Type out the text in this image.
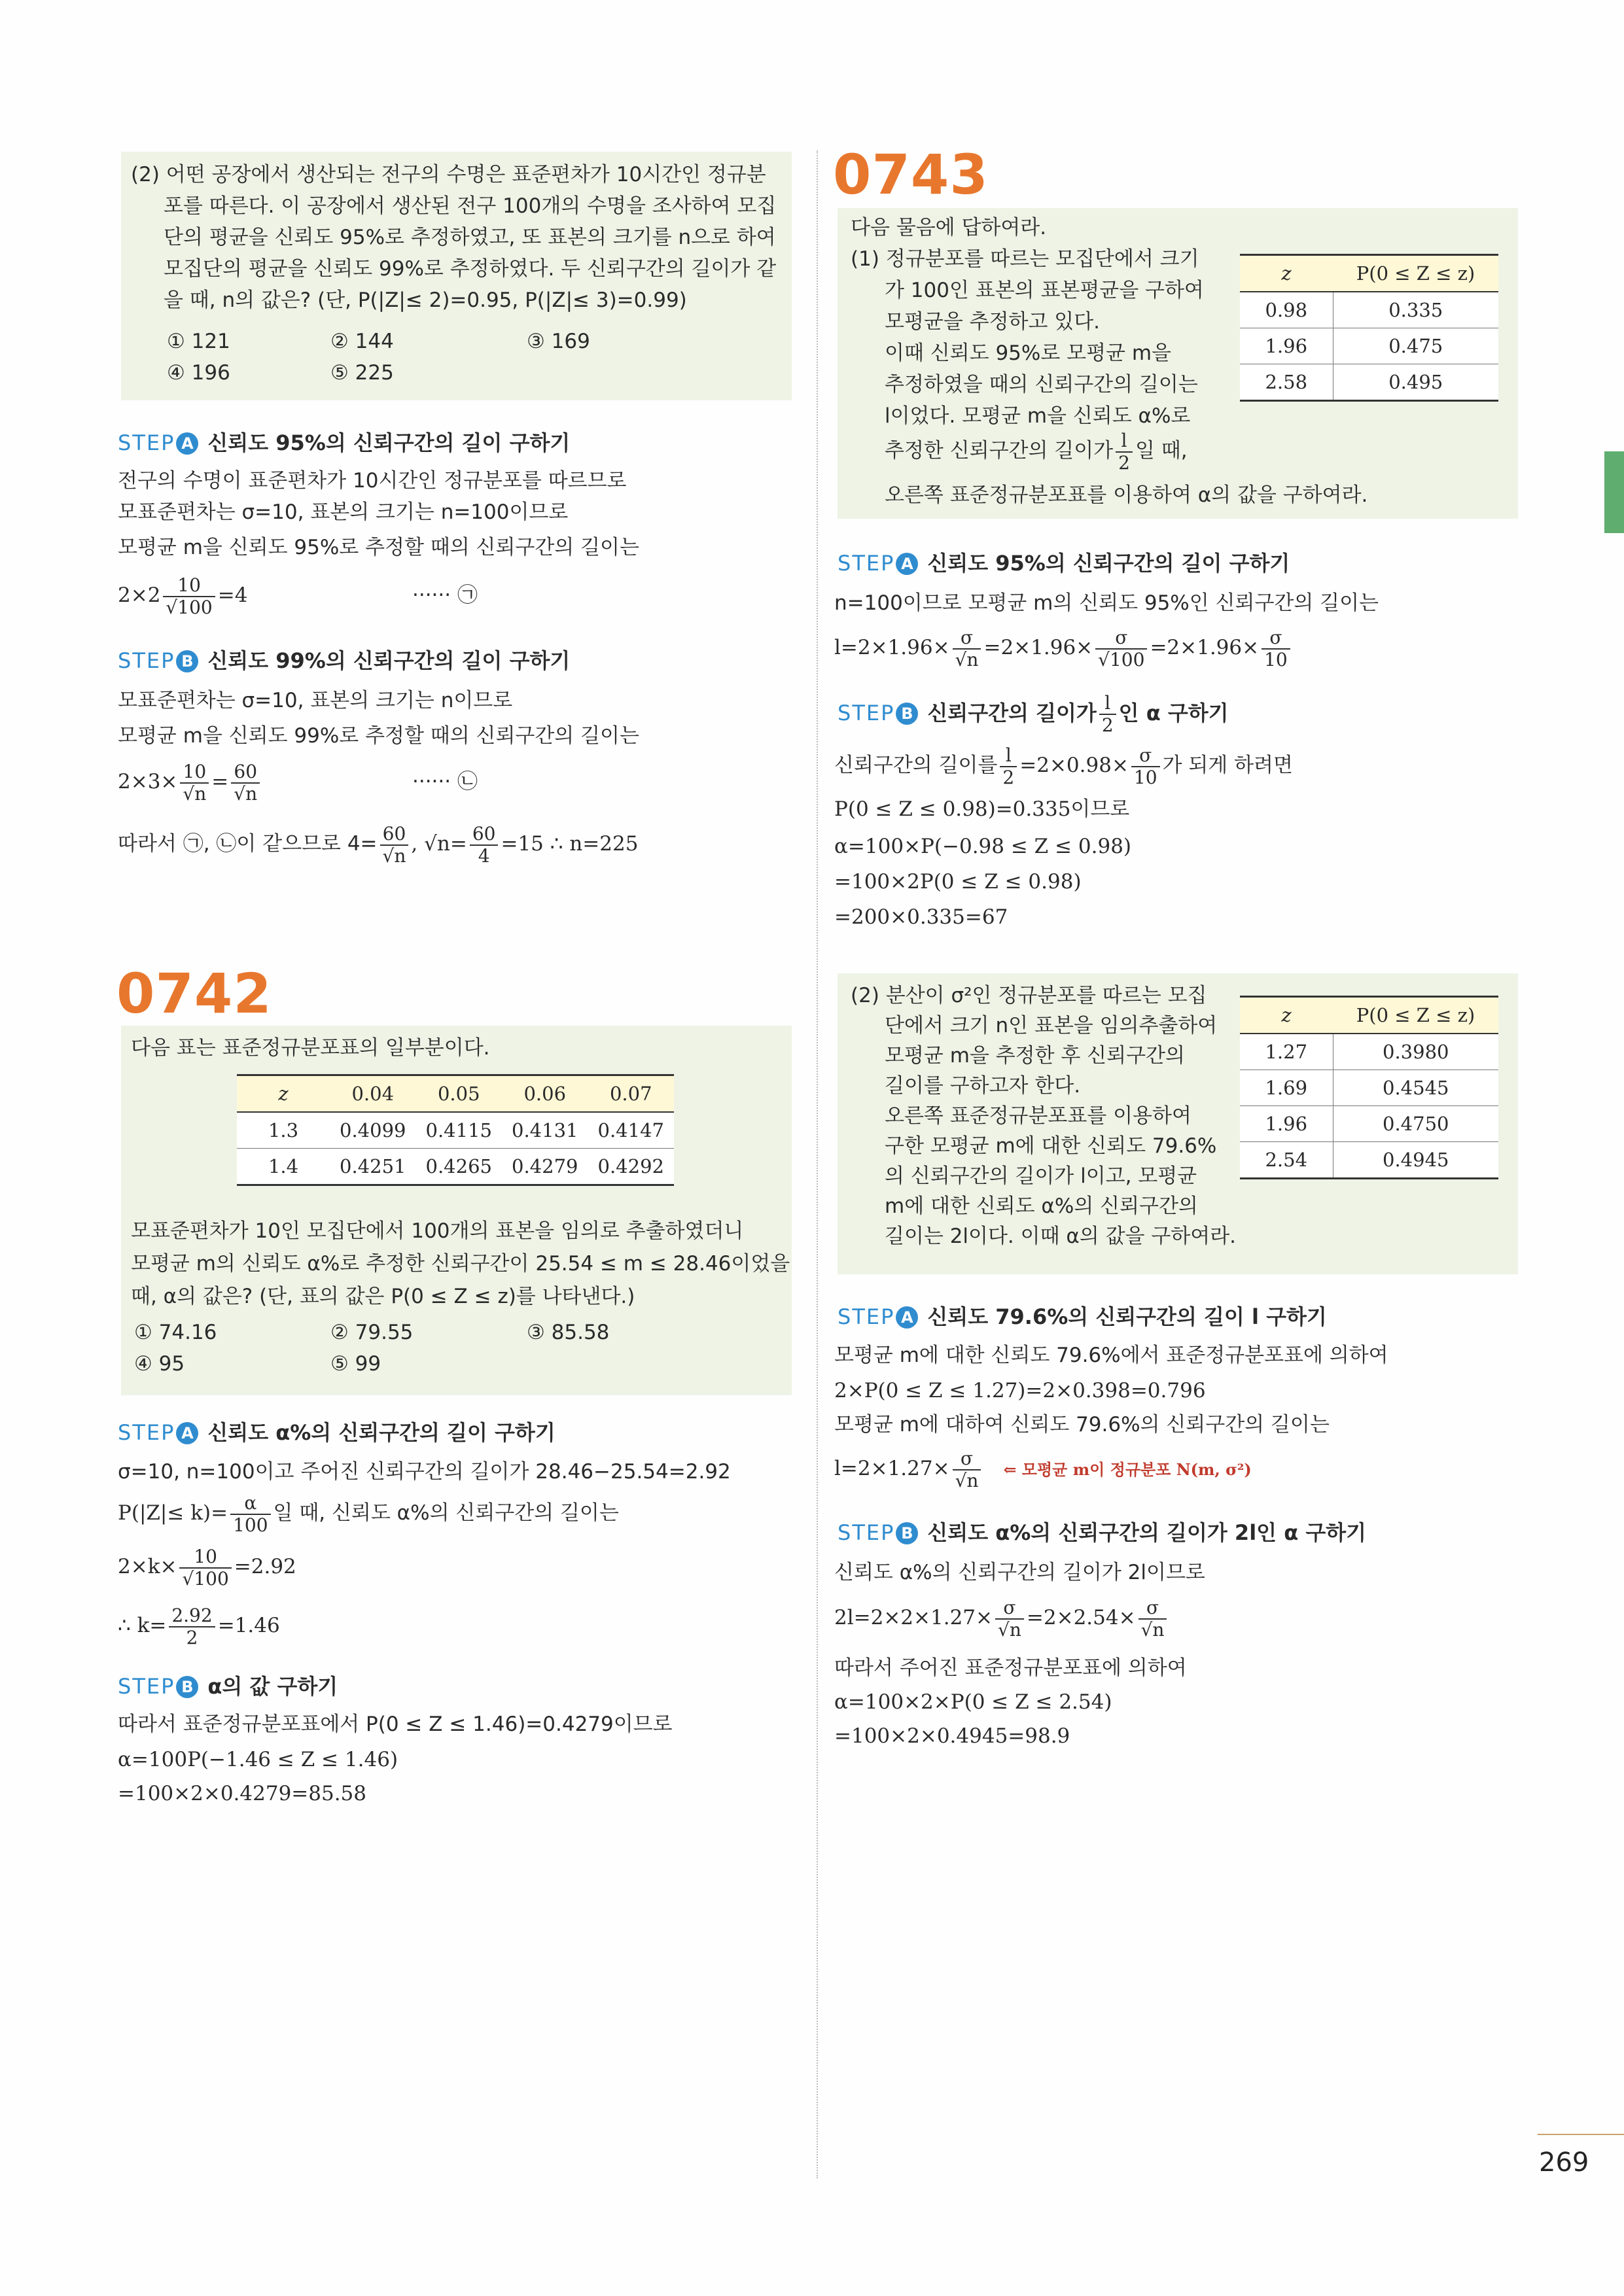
(2) 어떤 공장에서 생산되는 전구의 수명은 표준편차가 10시간인 정규분
포를 따른다. 이 공장에서 생산된 전구 100개의 수명을 조사하여 모집
단의 평균을 신뢰도 95%로 추정하였고, 또 표본의 크기를 n으로 하여
모집단의 평균을 신뢰도 99%로 추정하였다. 두 신뢰구간의 길이가 같
을 때, n의 값은? (단, P(|Z|≤ 2)=0.95, P(|Z|≤ 3)=0.99)
① 121	② 144	③ 169
④ 196	⑤ 225
STEP A 신뢰도 95%의 신뢰구간의 길이 구하기
전구의 수명이 표준편차가 10시간인 정규분포를 따르므로
모표준편차는 σ=10, 표본의 크기는 n=100이므로
모평균 m을 신뢰도 95%로 추정할 때의 신뢰구간의 길이는
$2\times 2 \frac{10}{√100} =4$	······ ㉠
STEP B 신뢰도 99%의 신뢰구간의 길이 구하기
모표준편차는 σ=10, 표본의 크기는 n이므로
모평균 m을 신뢰도 99%로 추정할 때의 신뢰구간의 길이는
$2\times 3\times \frac{10}{√n} = \frac{60}{√n}$	······ ㉡
따라서 ㉠, ㉡이 같으므로 $4= \frac{60}{√n}$ , $√n= \frac{60}{4} =15$ ∴ n=225
0742
다음 표는 표준정규분포표의 일부분이다.
z	0.04	0.05	0.06	0.07
1.3	0.4099	0.4115	0.4131	0.4147
1.4	0.4251	0.4265	0.4279	0.4292
모표준편차가 10인 모집단에서 100개의 표본을 임의로 추출하였더니
모평균 m의 신뢰도 α%로 추정한 신뢰구간이 25.54 ≤ m ≤ 28.46이었을
때, α의 값은? (단, 표의 값은 P(0 ≤ Z ≤ z)를 나타낸다.)
① 74.16	② 79.55	③ 85.58
④ 95	⑤ 99
STEP A 신뢰도 α%의 신뢰구간의 길이 구하기
σ=10, n=100이고 주어진 신뢰구간의 길이가 28.46−25.54=2.92
$P(|Z|\le k)= \frac{\alpha}{100}$ 일 때, 신뢰도 α%의 신뢰구간의 길이는
$2\times k\times \frac{10}{√100} =2.92$
∴ $k= \frac{2.92}{2} =1.46$
STEP B α의 값 구하기
따라서 표준정규분포표에서 P(0 ≤ Z ≤ 1.46)=0.4279이므로
α=100P(−1.46 ≤ Z ≤ 1.46)
=100×2×0.4279=85.58
0743
다음 물음에 답하여라.
(1) 정규분포를 따르는 모집단에서 크기
가 100인 표본의 표본평균을 구하여
모평균을 추정하고 있다.
이때 신뢰도 95%로 모평균 m을
추정하였을 때의 신뢰구간의 길이는
l이었다. 모평균 m을 신뢰도 α%로
추정한 신뢰구간의 길이가 $\frac{l}{2}$ 일 때,
오른쪽 표준정규분포표를 이용하여 α의 값을 구하여라.
z	P(0 ≤ Z ≤ z)
0.98	0.335
1.96	0.475
2.58	0.495
STEP A 신뢰도 95%의 신뢰구간의 길이 구하기
n=100이므로 모평균 m의 신뢰도 95%인 신뢰구간의 길이는
$l=2\times 1.96\times \frac{\sigma}{√n} =2\times 1.96\times \frac{\sigma}{√100} =2\times 1.96\times \frac{\sigma}{10}$
STEP B 신뢰구간의 길이가 $\frac{l}{2}$ 인 α 구하기
신뢰구간의 길이를 $\frac{l}{2} =2\times 0.98\times \frac{\sigma}{10}$ 가 되게 하려면
P(0 ≤ Z ≤ 0.98)=0.335이므로
α=100×P(−0.98 ≤ Z ≤ 0.98)
=100×2P(0 ≤ Z ≤ 0.98)
=200×0.335=67
(2) 분산이 σ²인 정규분포를 따르는 모집
단에서 크기 n인 표본을 임의추출하여
모평균 m을 추정한 후 신뢰구간의
길이를 구하고자 한다.
오른쪽 표준정규분포표를 이용하여
구한 모평균 m에 대한 신뢰도 79.6%
의 신뢰구간의 길이가 l이고, 모평균
m에 대한 신뢰도 α%의 신뢰구간의
길이는 2l이다. 이때 α의 값을 구하여라.
z	P(0 ≤ Z ≤ z)
1.27	0.3980
1.69	0.4545
1.96	0.4750
2.54	0.4945
STEP A 신뢰도 79.6%의 신뢰구간의 길이 l 구하기
모평균 m에 대한 신뢰도 79.6%에서 표준정규분포표에 의하여
2×P(0 ≤ Z ≤ 1.27)=2×0.398=0.796
모평균 m에 대하여 신뢰도 79.6%의 신뢰구간의 길이는
$l=2\times 1.27\times \frac{\sigma}{√n}$ ⇐ 모평균 m이 정규분포 N(m, σ²)
STEP B 신뢰도 α%의 신뢰구간의 길이가 2l인 α 구하기
신뢰도 α%의 신뢰구간의 길이가 2l이므로
$2l=2\times 2\times 1.27\times \frac{\sigma}{√n} =2\times 2.54\times \frac{\sigma}{√n}$
따라서 주어진 표준정규분포표에 의하여
α=100×2×P(0 ≤ Z ≤ 2.54)
=100×2×0.4945=98.9
269
